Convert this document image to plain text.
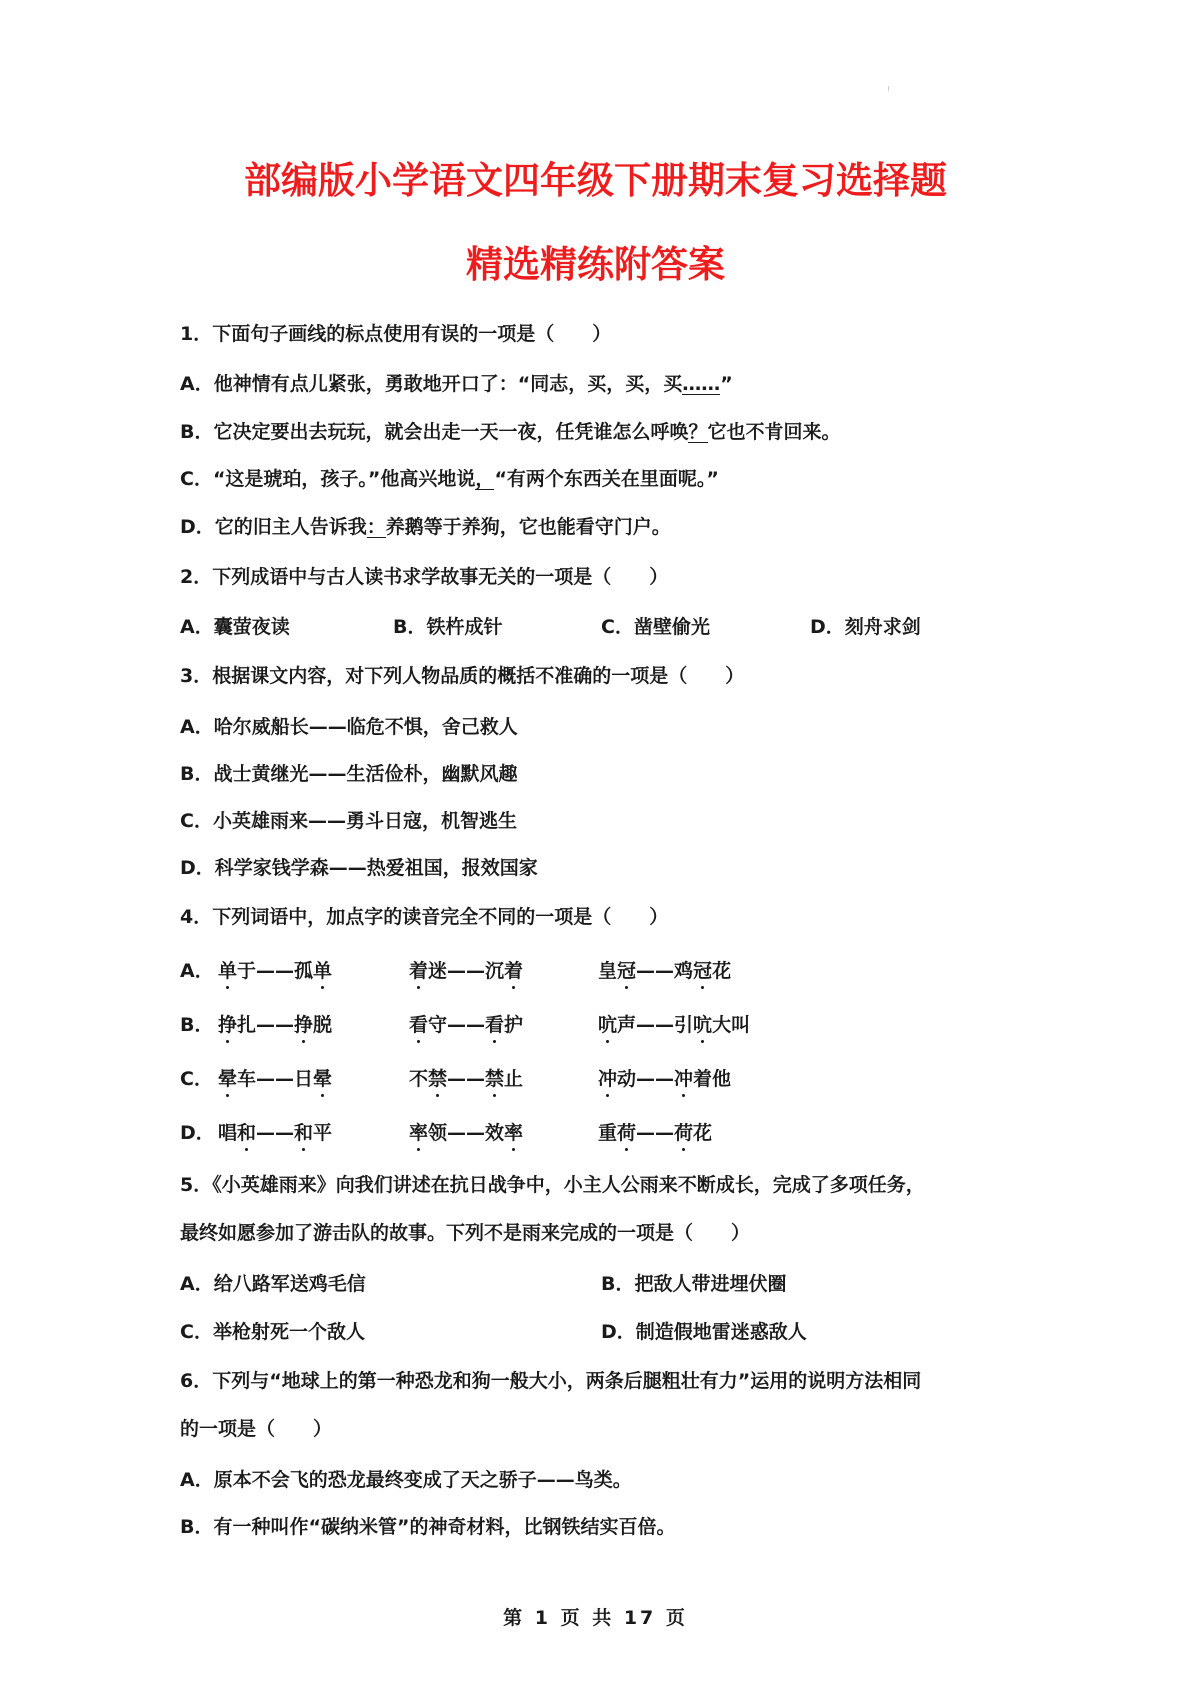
部编版小学语文四年级下册期末复习选择题
精选精练附答案
1．下面句子画线的标点使用有误的一项是（　　）
A．他神情有点儿紧张，勇敢地开口了：“同志，买，买，买……”
B．它决定要出去玩玩，就会出走一天一夜，任凭谁怎么呼唤？它也不肯回来。
C．“这是琥珀，孩子。”他高兴地说，“有两个东西关在里面呢。”
D．它的旧主人告诉我：养鹅等于养狗，它也能看守门户。
2．下列成语中与古人读书求学故事无关的一项是（　　）
A．囊萤夜读	B．铁杵成针	C．凿壁偷光	D．刻舟求剑
3．根据课文内容，对下列人物品质的概括不准确的一项是（　　）
A．哈尔威船长——临危不惧，舍己救人
B．战士黄继光——生活俭朴，幽默风趣
C．小英雄雨来——勇斗日寇，机智逃生
D．科学家钱学森——热爱祖国，报效国家
4．下列词语中，加点字的读音完全不同的一项是（　　）
A． 单于——孤单	着迷——沉着	皇冠——鸡冠花
B． 挣扎——挣脱	看守——看护	吭声——引吭大叫
C． 晕车——日晕	不禁——禁止	冲动——冲着他
D． 唱和——和平	率领——效率	重荷——荷花
5．《小英雄雨来》向我们讲述在抗日战争中，小主人公雨来不断成长，完成了多项任务，
最终如愿参加了游击队的故事。下列不是雨来完成的一项是（　　）
A．给八路军送鸡毛信	B．把敌人带进埋伏圈
C．举枪射死一个敌人	D．制造假地雷迷惑敌人
6．下列与“地球上的第一种恐龙和狗一般大小，两条后腿粗壮有力”运用的说明方法相同
的一项是（　　）
A．原本不会飞的恐龙最终变成了天之骄子——鸟类。
B．有一种叫作“碳纳米管”的神奇材料，比钢铁结实百倍。
第 1 页 共 17 页
